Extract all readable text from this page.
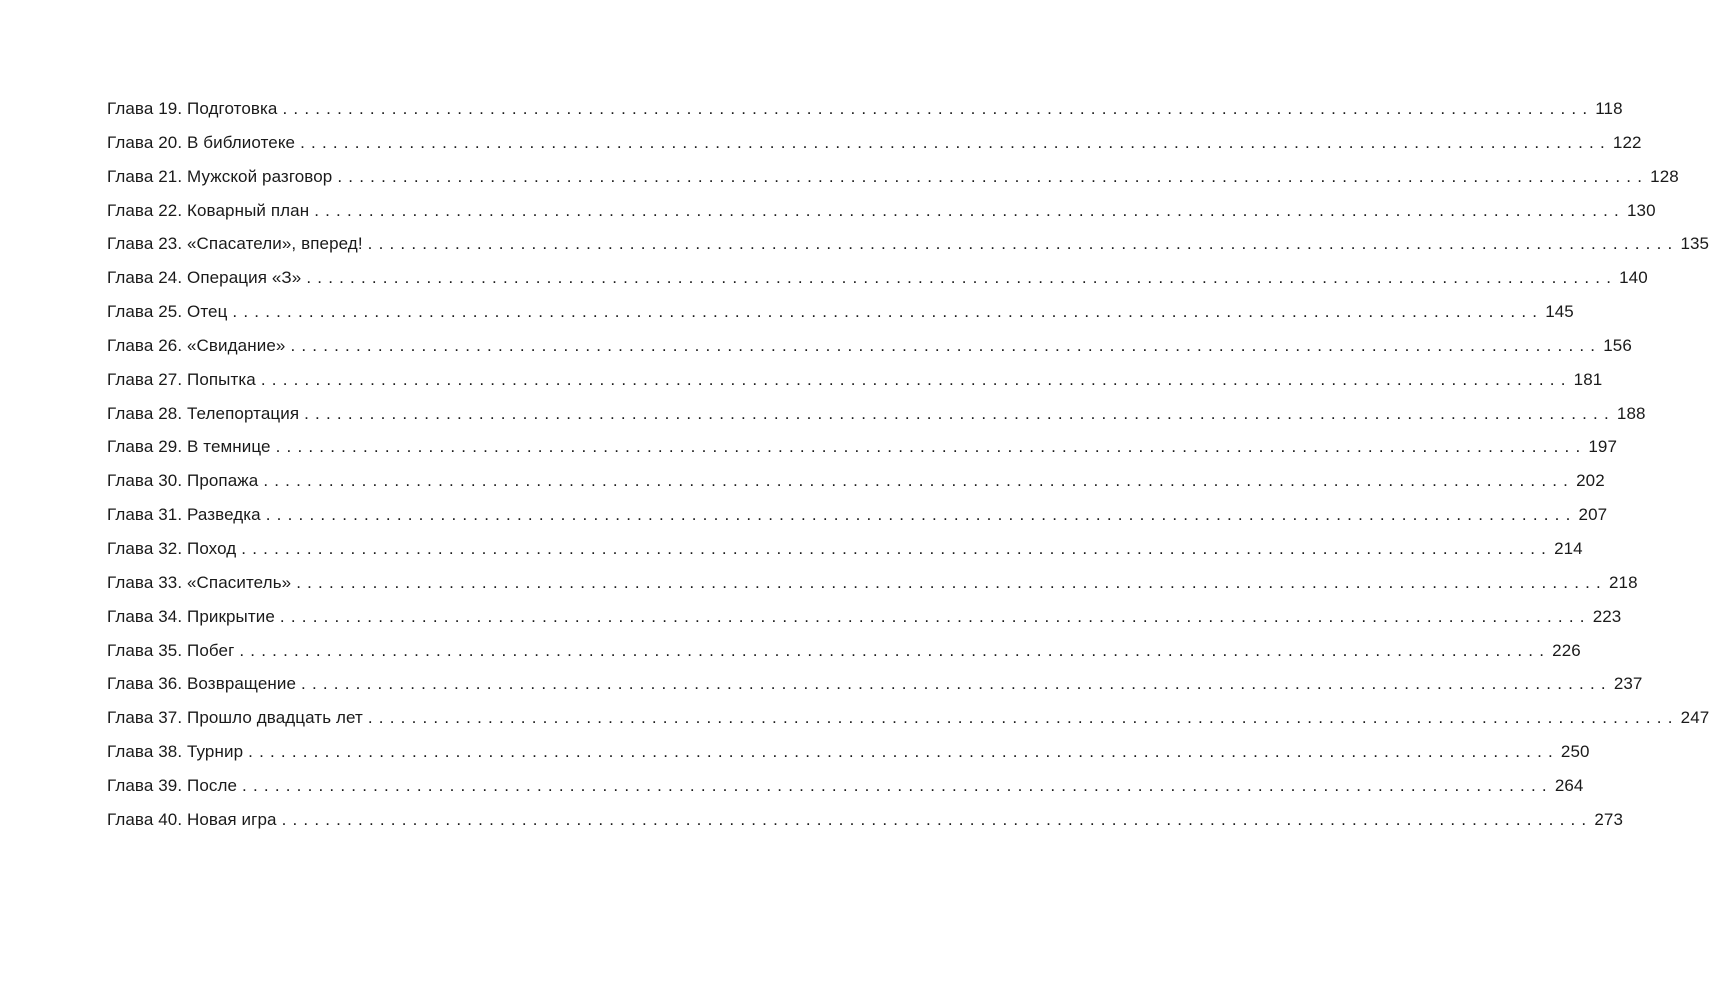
Глава 19. Подготовка ........................................................................................................................ 118
Глава 20. В библиотеке ........................................................................................................................ 122
Глава 21. Мужской разговор ........................................................................................................................ 128
Глава 22. Коварный план ........................................................................................................................ 130
Глава 23. «Спасатели», вперед! ........................................................................................................................ 135
Глава 24. Операция «З» ........................................................................................................................ 140
Глава 25. Отец ........................................................................................................................ 145
Глава 26. «Свидание» ........................................................................................................................ 156
Глава 27. Попытка ........................................................................................................................ 181
Глава 28. Телепортация ........................................................................................................................ 188
Глава 29. В темнице ........................................................................................................................ 197
Глава 30. Пропажа ........................................................................................................................ 202
Глава 31. Разведка ........................................................................................................................ 207
Глава 32. Поход ........................................................................................................................ 214
Глава 33. «Спаситель» ........................................................................................................................ 218
Глава 34. Прикрытие ........................................................................................................................ 223
Глава 35. Побег ........................................................................................................................ 226
Глава 36. Возвращение ........................................................................................................................ 237
Глава 37. Прошло двадцать лет ........................................................................................................................ 247
Глава 38. Турнир ........................................................................................................................ 250
Глава 39. После ........................................................................................................................ 264
Глава 40. Новая игра ........................................................................................................................ 273
